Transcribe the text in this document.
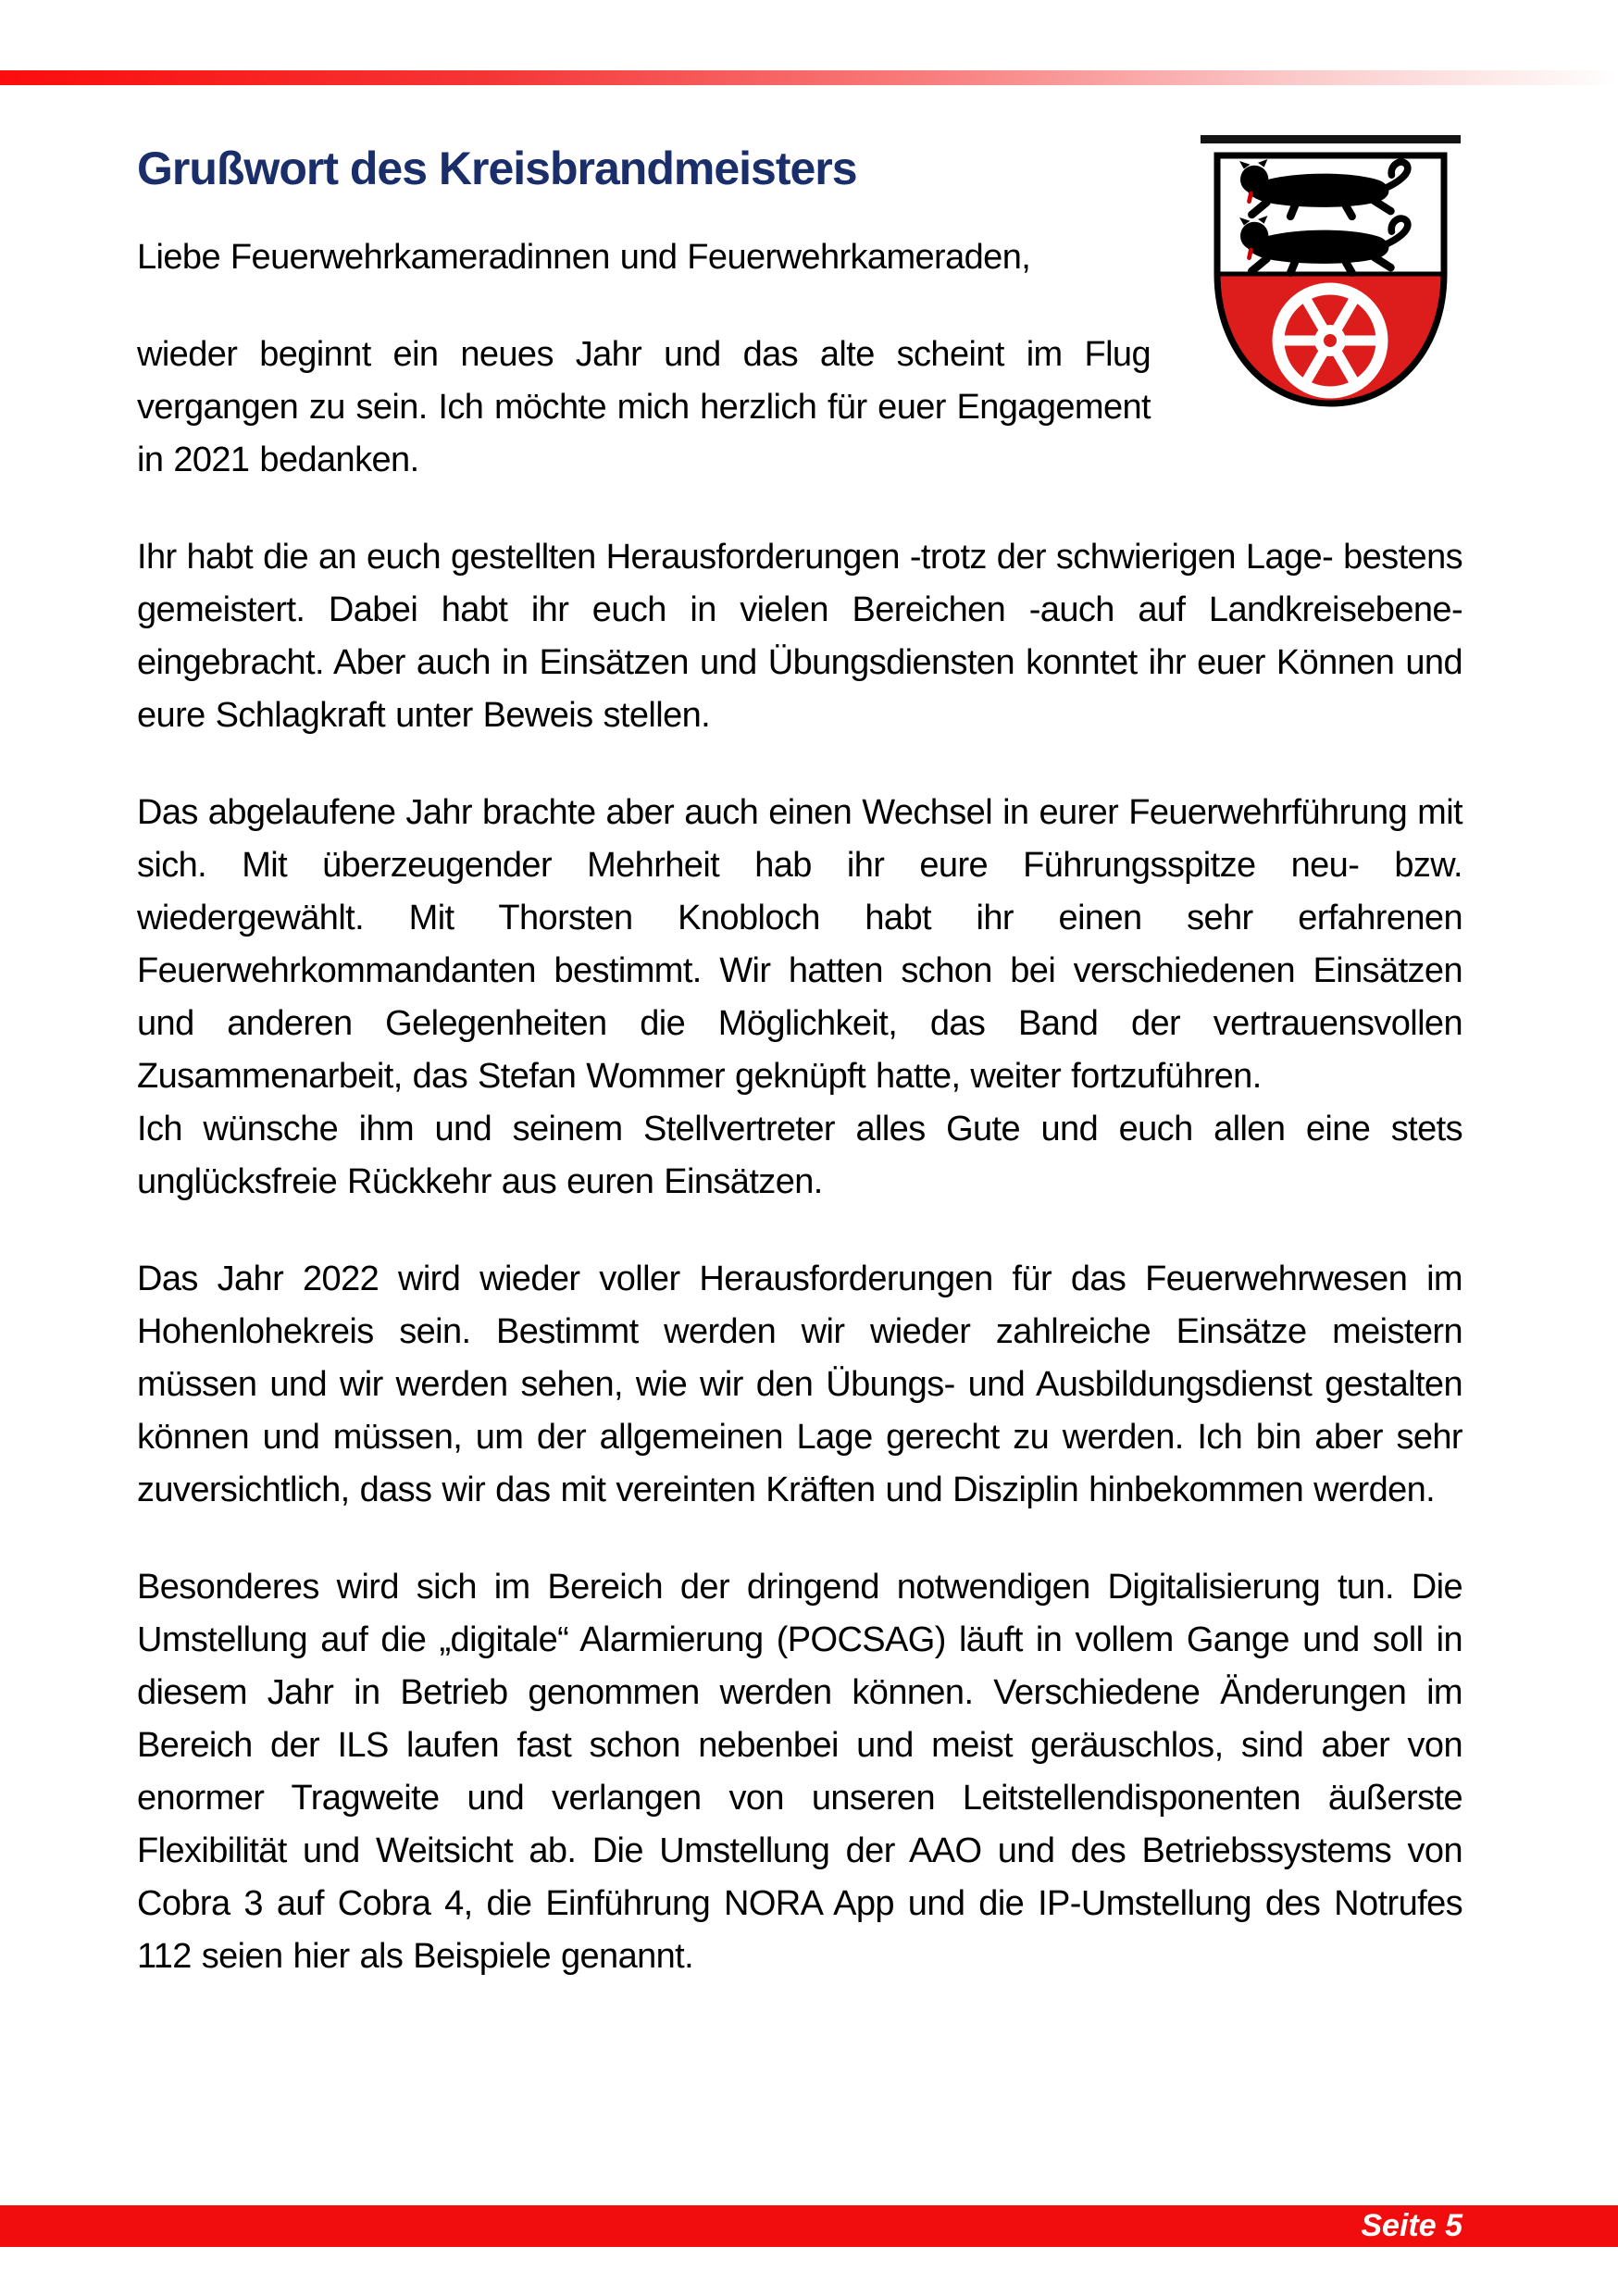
Grußwort des Kreisbrandmeisters

Liebe Feuerwehrkameradinnen und Feuerwehrkameraden,

wieder beginnt ein neues Jahr und das alte scheint im Flug vergangen zu sein. Ich möchte mich herzlich für euer Engagement in 2021 bedanken.

Ihr habt die an euch gestellten Herausforderungen -trotz der schwierigen Lage- bestens gemeistert. Dabei habt ihr euch in vielen Bereichen -auch auf Landkreisebene- eingebracht. Aber auch in Einsätzen und Übungsdiensten konntet ihr euer Können und eure Schlagkraft unter Beweis stellen.

Das abgelaufene Jahr brachte aber auch einen Wechsel in eurer Feuerwehrführung mit sich. Mit überzeugender Mehrheit hab ihr eure Führungsspitze neu- bzw. wiedergewählt. Mit Thorsten Knobloch habt ihr einen sehr erfahrenen Feuerwehrkommandanten bestimmt. Wir hatten schon bei verschiedenen Einsätzen und anderen Gelegenheiten die Möglichkeit, das Band der vertrauensvollen Zusammenarbeit, das Stefan Wommer geknüpft hatte, weiter fortzuführen.

Ich wünsche ihm und seinem Stellvertreter alles Gute und euch allen eine stets unglücksfreie Rückkehr aus euren Einsätzen.

Das Jahr 2022 wird wieder voller Herausforderungen für das Feuerwehrwesen im Hohenlohekreis sein. Bestimmt werden wir wieder zahlreiche Einsätze meistern müssen und wir werden sehen, wie wir den Übungs- und Ausbildungsdienst gestalten können und müssen, um der allgemeinen Lage gerecht zu werden. Ich bin aber sehr zuversichtlich, dass wir das mit vereinten Kräften und Disziplin hinbekommen werden.

Besonderes wird sich im Bereich der dringend notwendigen Digitalisierung tun. Die Umstellung auf die „digitale“ Alarmierung (POCSAG) läuft in vollem Gange und soll in diesem Jahr in Betrieb genommen werden können. Verschiedene Änderungen im Bereich der ILS laufen fast schon nebenbei und meist geräuschlos, sind aber von enormer Tragweite und verlangen von unseren Leitstellendisponenten äußerste Flexibilität und Weitsicht ab. Die Umstellung der AAO und des Betriebssystems von Cobra 3 auf Cobra 4, die Einführung NORA App und die IP-Umstellung des Notrufes 112 seien hier als Beispiele genannt.

Seite 5
